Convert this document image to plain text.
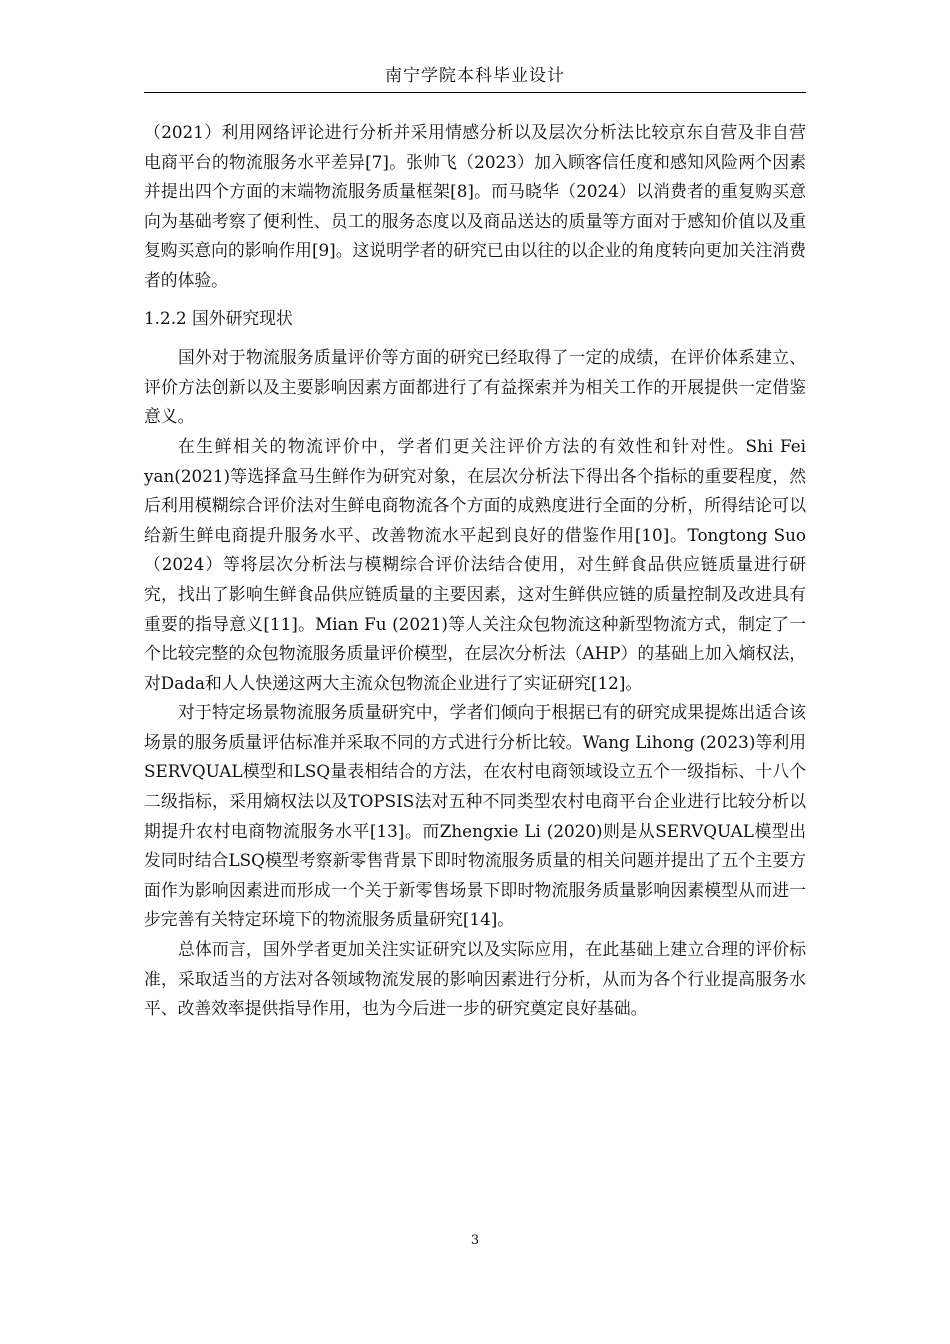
南宁学院本科毕业设计

（2021）利用网络评论进行分析并采用情感分析以及层次分析法比较京东自营及非自营电商平台的物流服务水平差异[7]。张帅飞（2023）加入顾客信任度和感知风险两个因素并提出四个方面的末端物流服务质量框架[8]。而马晓华（2024）以消费者的重复购买意向为基础考察了便利性、员工的服务态度以及商品送达的质量等方面对于感知价值以及重复购买意向的影响作用[9]。这说明学者的研究已由以往的以企业的角度转向更加关注消费者的体验。

1.2.2 国外研究现状

国外对于物流服务质量评价等方面的研究已经取得了一定的成绩，在评价体系建立、评价方法创新以及主要影响因素方面都进行了有益探索并为相关工作的开展提供一定借鉴意义。

在生鲜相关的物流评价中，学者们更关注评价方法的有效性和针对性。Shi Fei yan(2021)等选择盒马生鲜作为研究对象，在层次分析法下得出各个指标的重要程度，然后利用模糊综合评价法对生鲜电商物流各个方面的成熟度进行全面的分析，所得结论可以给新生鲜电商提升服务水平、改善物流水平起到良好的借鉴作用[10]。Tongtong Suo（2024）等将层次分析法与模糊综合评价法结合使用，对生鲜食品供应链质量进行研究，找出了影响生鲜食品供应链质量的主要因素，这对生鲜供应链的质量控制及改进具有重要的指导意义[11]。Mian Fu (2021)等人关注众包物流这种新型物流方式，制定了一个比较完整的众包物流服务质量评价模型，在层次分析法（AHP）的基础上加入熵权法，对Dada和人人快递这两大主流众包物流企业进行了实证研究[12]。

对于特定场景物流服务质量研究中，学者们倾向于根据已有的研究成果提炼出适合该场景的服务质量评估标准并采取不同的方式进行分析比较。Wang Lihong (2023)等利用SERVQUAL模型和LSQ量表相结合的方法，在农村电商领域设立五个一级指标、十八个二级指标，采用熵权法以及TOPSIS法对五种不同类型农村电商平台企业进行比较分析以期提升农村电商物流服务水平[13]。而Zhengxie Li (2020)则是从SERVQUAL模型出发同时结合LSQ模型考察新零售背景下即时物流服务质量的相关问题并提出了五个主要方面作为影响因素进而形成一个关于新零售场景下即时物流服务质量影响因素模型从而进一步完善有关特定环境下的物流服务质量研究[14]。

总体而言，国外学者更加关注实证研究以及实际应用，在此基础上建立合理的评价标准，采取适当的方法对各领域物流发展的影响因素进行分析，从而为各个行业提高服务水平、改善效率提供指导作用，也为今后进一步的研究奠定良好基础。

3
